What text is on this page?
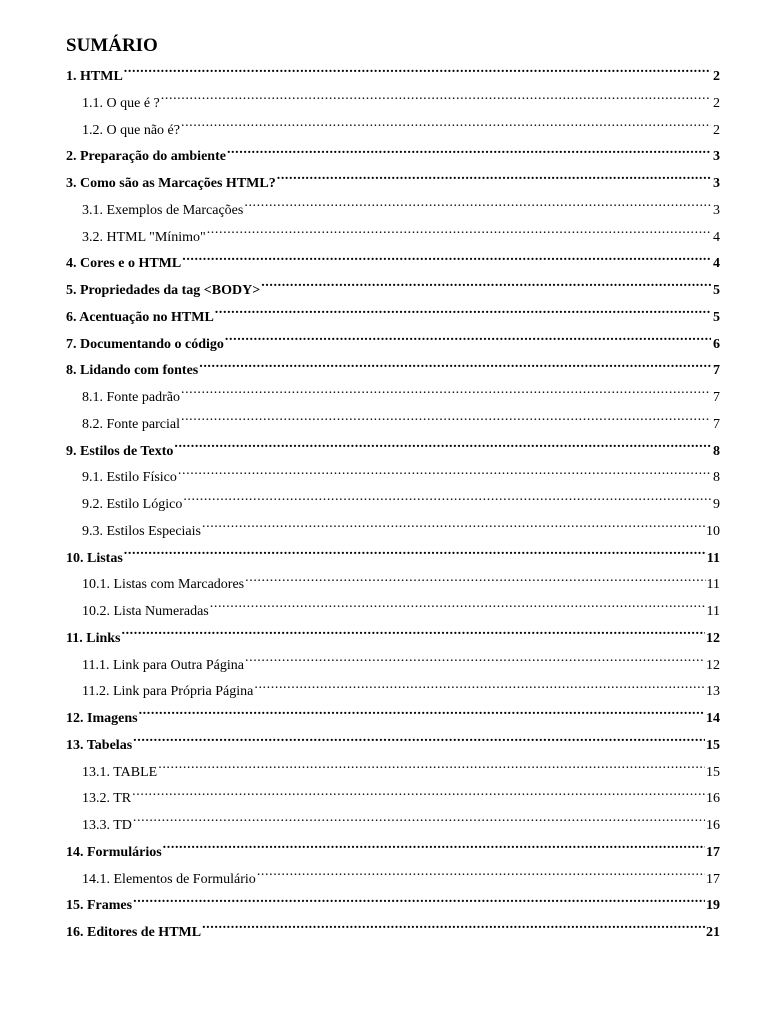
SUMÁRIO
1. HTML .....	2
1.1. O que é ? .....	2
1.2. O que não é? .....	2
2. Preparação do ambiente .....	3
3. Como são as Marcações HTML? .....	3
3.1. Exemplos de Marcações .....	3
3.2. HTML "Mínimo" .....	4
4. Cores e o HTML .....	4
5. Propriedades da tag <BODY> .....	5
6. Acentuação no HTML .....	5
7. Documentando o código .....	6
8. Lidando com fontes .....	7
8.1. Fonte padrão .....	7
8.2. Fonte parcial .....	7
9. Estilos de Texto .....	8
9.1. Estilo Físico .....	8
9.2. Estilo Lógico .....	9
9.3. Estilos Especiais .....	10
10. Listas .....	11
10.1. Listas com Marcadores .....	11
10.2. Lista Numeradas .....	11
11. Links .....	12
11.1. Link para Outra Página .....	12
11.2. Link para Própria Página .....	13
12. Imagens .....	14
13. Tabelas .....	15
13.1. TABLE .....	15
13.2. TR .....	16
13.3. TD .....	16
14. Formulários .....	17
14.1. Elementos de Formulário .....	17
15. Frames .....	19
16. Editores de HTML .....	21
